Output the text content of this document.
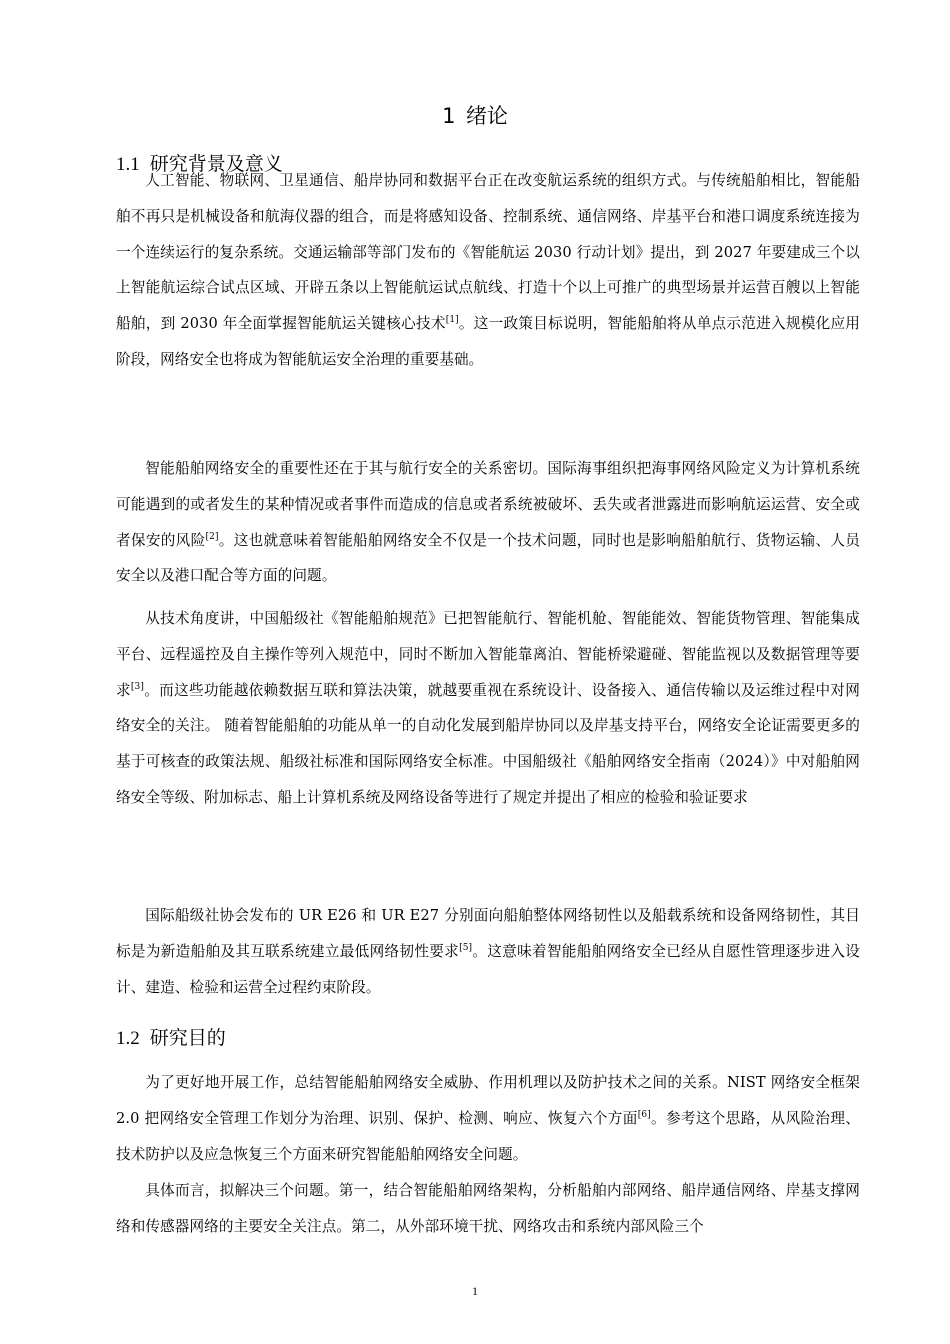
1  绪论
1.1 研究背景及意义

人工智能、物联网、卫星通信、船岸协同和数据平台正在改变航运系统的组织方式。与传统船舶相比，智能船舶不再只是机械设备和航海仪器的组合，而是将感知设备、控制系统、通信网络、岸基平台和港口调度系统连接为一个连续运行的复杂系统。交通运输部等部门发布的《智能航运 2030 行动计划》提出，到 2027 年要建成三个以上智能航运综合试点区域、开辟五条以上智能航运试点航线、打造十个以上可推广的典型场景并运营百艘以上智能船舶，到 2030 年全面掌握智能航运关键核心技术[1]。这一政策目标说明，智能船舶将从单点示范进入规模化应用阶段，网络安全也将成为智能航运安全治理的重要基础。

智能船舶网络安全的重要性还在于其与航行安全的关系密切。国际海事组织把海事网络风险定义为计算机系统可能遇到的或者发生的某种情况或者事件而造成的信息或者系统被破坏、丢失或者泄露进而影响航运运营、安全或者保安的风险[2]。这也就意味着智能船舶网络安全不仅是一个技术问题，同时也是影响船舶航行、货物运输、人员安全以及港口配合等方面的问题。

从技术角度讲，中国船级社《智能船舶规范》已把智能航行、智能机舱、智能能效、智能货物管理、智能集成平台、远程遥控及自主操作等列入规范中，同时不断加入智能靠离泊、智能桥梁避碰、智能监视以及数据管理等要求[3]。而这些功能越依赖数据互联和算法决策，就越要重视在系统设计、设备接入、通信传输以及运维过程中对网络安全的关注。 随着智能船舶的功能从单一的自动化发展到船岸协同以及岸基支持平台，网络安全论证需要更多的基于可核查的政策法规、船级社标准和国际网络安全标准。中国船级社《船舶网络安全指南（2024）》中对船舶网络安全等级、附加标志、船上计算机系统及网络设备等进行了规定并提出了相应的检验和验证要求

国际船级社协会发布的 UR E26 和 UR E27 分别面向船舶整体网络韧性以及船载系统和设备网络韧性，其目标是为新造船舶及其互联系统建立最低网络韧性要求[5]。这意味着智能船舶网络安全已经从自愿性管理逐步进入设计、建造、检验和运营全过程约束阶段。

1.2 研究目的

为了更好地开展工作，总结智能船舶网络安全威胁、作用机理以及防护技术之间的关系。NIST 网络安全框架 2.0 把网络安全管理工作划分为治理、识别、保护、检测、响应、恢复六个方面[6]。参考这个思路，从风险治理、技术防护以及应急恢复三个方面来研究智能船舶网络安全问题。

具体而言，拟解决三个问题。第一，结合智能船舶网络架构，分析船舶内部网络、船岸通信网络、岸基支撑网络和传感器网络的主要安全关注点。第二，从外部环境干扰、网络攻击和系统内部风险三个

1
